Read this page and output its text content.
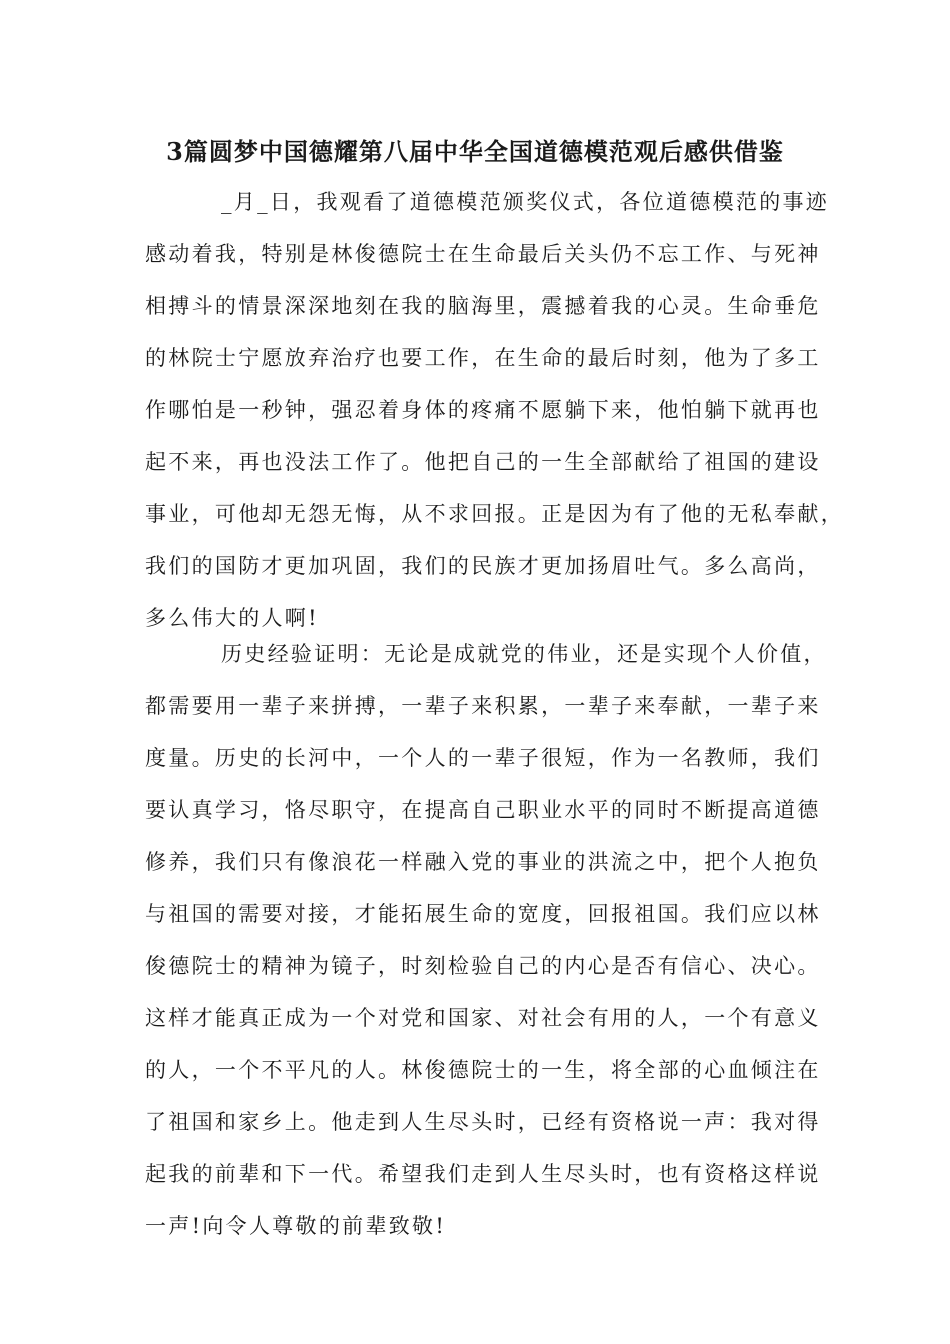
3篇圆梦中国德耀第八届中华全国道德模范观后感供借鉴

_月_日，我观看了道德模范颁奖仪式，各位道德模范的事迹
感动着我，特别是林俊德院士在生命最后关头仍不忘工作、与死神
相搏斗的情景深深地刻在我的脑海里，震撼着我的心灵。生命垂危
的林院士宁愿放弃治疗也要工作，在生命的最后时刻，他为了多工
作哪怕是一秒钟，强忍着身体的疼痛不愿躺下来，他怕躺下就再也
起不来，再也没法工作了。他把自己的一生全部献给了祖国的建设
事业，可他却无怨无悔，从不求回报。正是因为有了他的无私奉献，
我们的国防才更加巩固，我们的民族才更加扬眉吐气。多么高尚，
多么伟大的人啊!

历史经验证明：无论是成就党的伟业，还是实现个人价值，
都需要用一辈子来拼搏，一辈子来积累，一辈子来奉献，一辈子来
度量。历史的长河中，一个人的一辈子很短，作为一名教师，我们
要认真学习，恪尽职守，在提高自己职业水平的同时不断提高道德
修养，我们只有像浪花一样融入党的事业的洪流之中，把个人抱负
与祖国的需要对接，才能拓展生命的宽度，回报祖国。我们应以林
俊德院士的精神为镜子，时刻检验自己的内心是否有信心、决心。
这样才能真正成为一个对党和国家、对社会有用的人，一个有意义
的人，一个不平凡的人。林俊德院士的一生，将全部的心血倾注在
了祖国和家乡上。他走到人生尽头时，已经有资格说一声：我对得
起我的前辈和下一代。希望我们走到人生尽头时，也有资格这样说
一声!向令人尊敬的前辈致敬!
